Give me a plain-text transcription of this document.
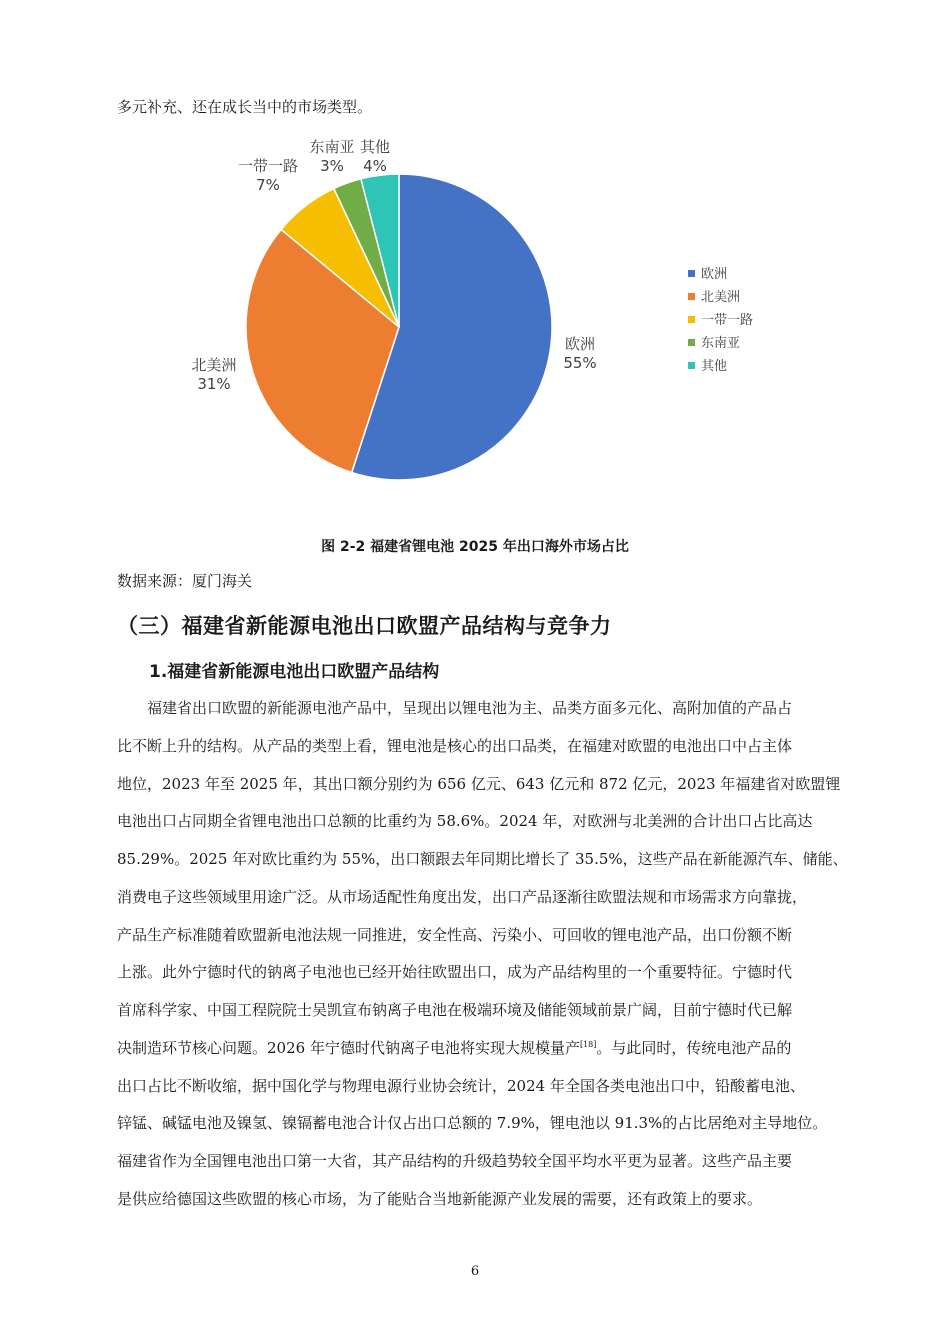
多元补充、还在成长当中的市场类型。
欧洲
55%
北美洲
31%
一带一路
7%
东南亚
3%
其他
4%
欧洲
北美洲
一带一路
东南亚
其他
图 2-2 福建省锂电池 2025 年出口海外市场占比
数据来源：厦门海关
（三）福建省新能源电池出口欧盟产品结构与竞争力
1.福建省新能源电池出口欧盟产品结构
福建省出口欧盟的新能源电池产品中，呈现出以锂电池为主、品类方面多元化、高附加值的产品占
比不断上升的结构。从产品的类型上看，锂电池是核心的出口品类，在福建对欧盟的电池出口中占主体
地位，2023 年至 2025 年，其出口额分别约为 656 亿元、643 亿元和 872 亿元，2023 年福建省对欧盟锂
电池出口占同期全省锂电池出口总额的比重约为 58.6%。2024 年，对欧洲与北美洲的合计出口占比高达
85.29%。2025 年对欧比重约为 55%，出口额跟去年同期比增长了 35.5%，这些产品在新能源汽车、储能、
消费电子这些领域里用途广泛。从市场适配性角度出发，出口产品逐渐往欧盟法规和市场需求方向靠拢，
产品生产标准随着欧盟新电池法规一同推进，安全性高、污染小、可回收的锂电池产品，出口份额不断
上涨。此外宁德时代的钠离子电池也已经开始往欧盟出口，成为产品结构里的一个重要特征。宁德时代
首席科学家、中国工程院院士吴凯宣布钠离子电池在极端环境及储能领域前景广阔，目前宁德时代已解
决制造环节核心问题。2026 年宁德时代钠离子电池将实现大规模量产[18]。与此同时，传统电池产品的
出口占比不断收缩，据中国化学与物理电源行业协会统计，2024 年全国各类电池出口中，铅酸蓄电池、
锌锰、碱锰电池及镍氢、镍镉蓄电池合计仅占出口总额的 7.9%，锂电池以 91.3%的占比居绝对主导地位。
福建省作为全国锂电池出口第一大省，其产品结构的升级趋势较全国平均水平更为显著。这些产品主要
是供应给德国这些欧盟的核心市场，为了能贴合当地新能源产业发展的需要，还有政策上的要求。
6
